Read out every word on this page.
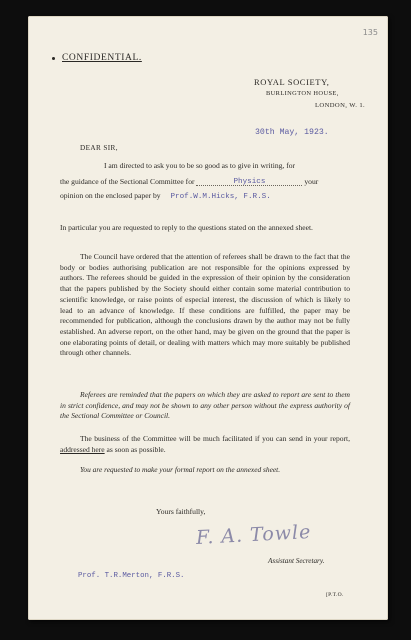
135
CONFIDENTIAL.
ROYAL SOCIETY,
BURLINGTON HOUSE,
LONDON, W. 1.
30th May, 1923.
DEAR SIR,
I am directed to ask you to be so good as to give in writing, for
the guidance of the Sectional Committee for	Physics	your
opinion on the enclosed paper by Prof.W.M.Hicks, F.R.S.
In particular you are requested to reply to the questions stated on the annexed sheet.
The Council have ordered that the attention of referees shall be drawn to the fact that the body or bodies authorising publication are not responsible for the opinions expressed by authors. The referees should be guided in the expression of their opinion by the consideration that the papers published by the Society should either contain some material contribution to scientific knowledge, or raise points of especial interest, the discussion of which is likely to lead to an advance of knowledge. If these conditions are fulfilled, the paper may be recommended for publication, although the conclusions drawn by the author may not be fully established. An adverse report, on the other hand, may be given on the ground that the paper is one elaborating points of detail, or dealing with matters which may more suitably be published through other channels.
Referees are reminded that the papers on which they are asked to report are sent to them in strict confidence, and may not be shown to any other person without the express authority of the Sectional Committee or Council.
The business of the Committee will be much facilitated if you can send in your report, addressed here as soon as possible.
You are requested to make your formal report on the annexed sheet.
Yours faithfully,
F. A. Towle
Assistant Secretary.
Prof. T.R.Merton, F.R.S.
[P.T.O.
